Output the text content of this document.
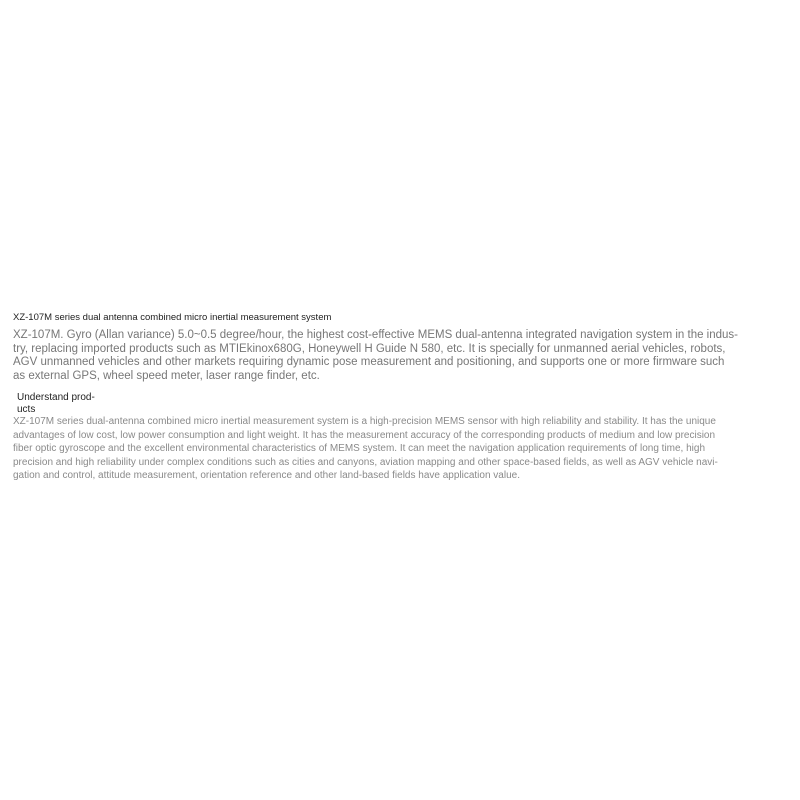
XZ-107M series dual antenna combined micro inertial measurement system
XZ-107M. Gyro (Allan variance) 5.0~0.5 degree/hour, the highest cost-effective MEMS dual-antenna integrated navigation system in the indus-
try, replacing imported products such as MTIEkinox680G, Honeywell H Guide N 580, etc. It is specially for unmanned aerial vehicles, robots,
AGV unmanned vehicles and other markets requiring dynamic pose measurement and positioning, and supports one or more firmware such
as external GPS, wheel speed meter, laser range finder, etc.
Understand prod-
ucts
XZ-107M series dual-antenna combined micro inertial measurement system is a high-precision MEMS sensor with high reliability and stability. It has the unique
advantages of low cost, low power consumption and light weight. It has the measurement accuracy of the corresponding products of medium and low precision
fiber optic gyroscope and the excellent environmental characteristics of MEMS system. It can meet the navigation application requirements of long time, high
precision and high reliability under complex conditions such as cities and canyons, aviation mapping and other space-based fields, as well as AGV vehicle navi-
gation and control, attitude measurement, orientation reference and other land-based fields have application value.
